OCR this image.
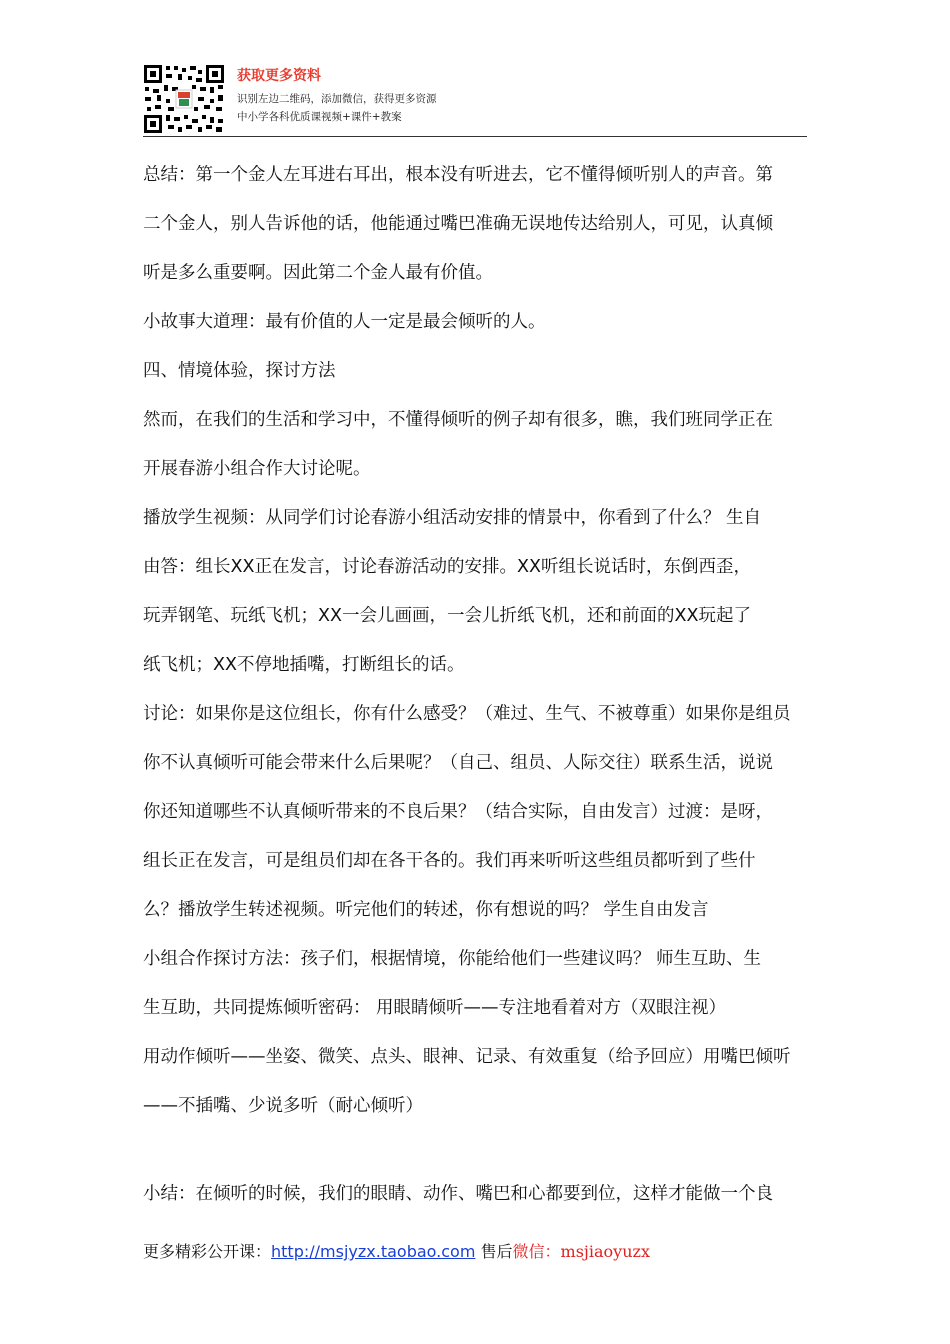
获取更多资料
识别左边二维码，添加微信，获得更多资源
中小学各科优质课视频+课件+教案
总结：第一个金人左耳进右耳出，根本没有听进去，它不懂得倾听别人的声音。第
二个金人，别人告诉他的话，他能通过嘴巴准确无误地传达给别人，可见，认真倾
听是多么重要啊。因此第二个金人最有价值。
小故事大道理：最有价值的人一定是最会倾听的人。
四、情境体验，探讨方法
然而，在我们的生活和学习中，不懂得倾听的例子却有很多，瞧，我们班同学正在
开展春游小组合作大讨论呢。
播放学生视频：从同学们讨论春游小组活动安排的情景中，你看到了什么？ 生自
由答：组长XX正在发言，讨论春游活动的安排。XX听组长说话时，东倒西歪，
玩弄钢笔、玩纸飞机；XX一会儿画画，一会儿折纸飞机，还和前面的XX玩起了
纸飞机；XX不停地插嘴，打断组长的话。
讨论：如果你是这位组长，你有什么感受？（难过、生气、不被尊重）如果你是组员
你不认真倾听可能会带来什么后果呢？（自己、组员、人际交往）联系生活，说说
你还知道哪些不认真倾听带来的不良后果？（结合实际，自由发言）过渡：是呀，
组长正在发言，可是组员们却在各干各的。我们再来听听这些组员都听到了些什
么？播放学生转述视频。听完他们的转述，你有想说的吗？ 学生自由发言
小组合作探讨方法：孩子们，根据情境，你能给他们一些建议吗？ 师生互助、生
生互助，共同提炼倾听密码： 用眼睛倾听——专注地看着对方（双眼注视）
用动作倾听——坐姿、微笑、点头、眼神、记录、有效重复（给予回应）用嘴巴倾听
——不插嘴、少说多听（耐心倾听）
小结：在倾听的时候，我们的眼睛、动作、嘴巴和心都要到位，这样才能做一个良
更多精彩公开课：http://msjyzx.taobao.com 售后微信：msjiaoyuzx
